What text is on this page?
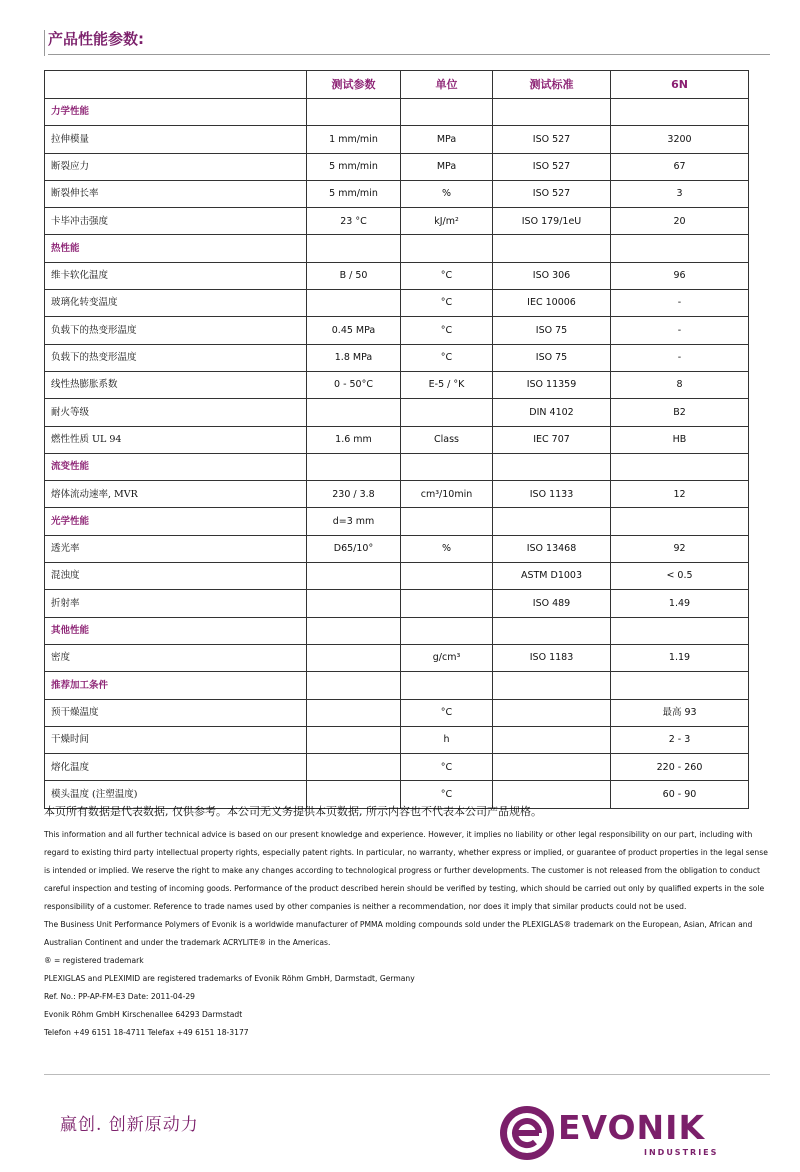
产品性能参数:
	测试参数	单位	测试标准	6N
力学性能				
拉伸模量	1 mm/min	MPa	ISO 527	3200
断裂应力	5 mm/min	MPa	ISO 527	67
断裂伸长率	5 mm/min	%	ISO 527	3
卡毕冲击强度	23 °C	kJ/m²	ISO 179/1eU	20
热性能				
维卡软化温度	B / 50	°C	ISO 306	96
玻璃化转变温度		°C	IEC 10006	-
负载下的热变形温度	0.45 MPa	°C	ISO 75	-
负载下的热变形温度	1.8 MPa	°C	ISO 75	-
线性热膨胀系数	0 - 50°C	E-5 / °K	ISO 11359	8
耐火等级			DIN 4102	B2
燃性性质 UL 94	1.6 mm	Class	IEC 707	HB
流变性能				
熔体流动速率, MVR	230 / 3.8	cm³/10min	ISO 1133	12
光学性能	d=3 mm			
透光率	D65/10°	%	ISO 13468	92
混浊度			ASTM D1003	< 0.5
折射率			ISO 489	1.49
其他性能				
密度		g/cm³	ISO 1183	1.19
推荐加工条件				
预干燥温度		°C		最高 93
干燥时间		h		2 - 3
熔化温度		°C		220 - 260
模头温度 (注塑温度)		°C		60 - 90
本页所有数据是代表数据, 仅供参考。本公司无义务提供本页数据, 所示内容也不代表本公司产品规格。

This information and all further technical advice is based on our present knowledge and experience. However, it implies no liability or other legal responsibility on our part, including with regard to existing third party intellectual property rights, especially patent rights. In particular, no warranty, whether express or implied, or guarantee of product properties in the legal sense is intended or implied. We reserve the right to make any changes according to technological progress or further developments. The customer is not released from the obligation to conduct careful inspection and testing of incoming goods. Performance of the product described herein should be verified by testing, which should be carried out only by qualified experts in the sole responsibility of a customer. Reference to trade names used by other companies is neither a recommendation, nor does it imply that similar products could not be used.

The Business Unit Performance Polymers of Evonik is a worldwide manufacturer of PMMA molding compounds sold under the PLEXIGLAS® trademark on the European, Asian, African and Australian Continent and under the trademark ACRYLITE® in the Americas.

® = registered trademark

PLEXIGLAS and PLEXIMID are registered trademarks of Evonik Röhm GmbH, Darmstadt, Germany

Ref. No.: PP-AP-FM-E3 Date: 2011-04-29

Evonik Röhm GmbH Kirschenallee 64293 Darmstadt

Telefon +49 6151 18-4711 Telefax +49 6151 18-3177

赢创. 创新原动力	EVONIK
INDUSTRIES
